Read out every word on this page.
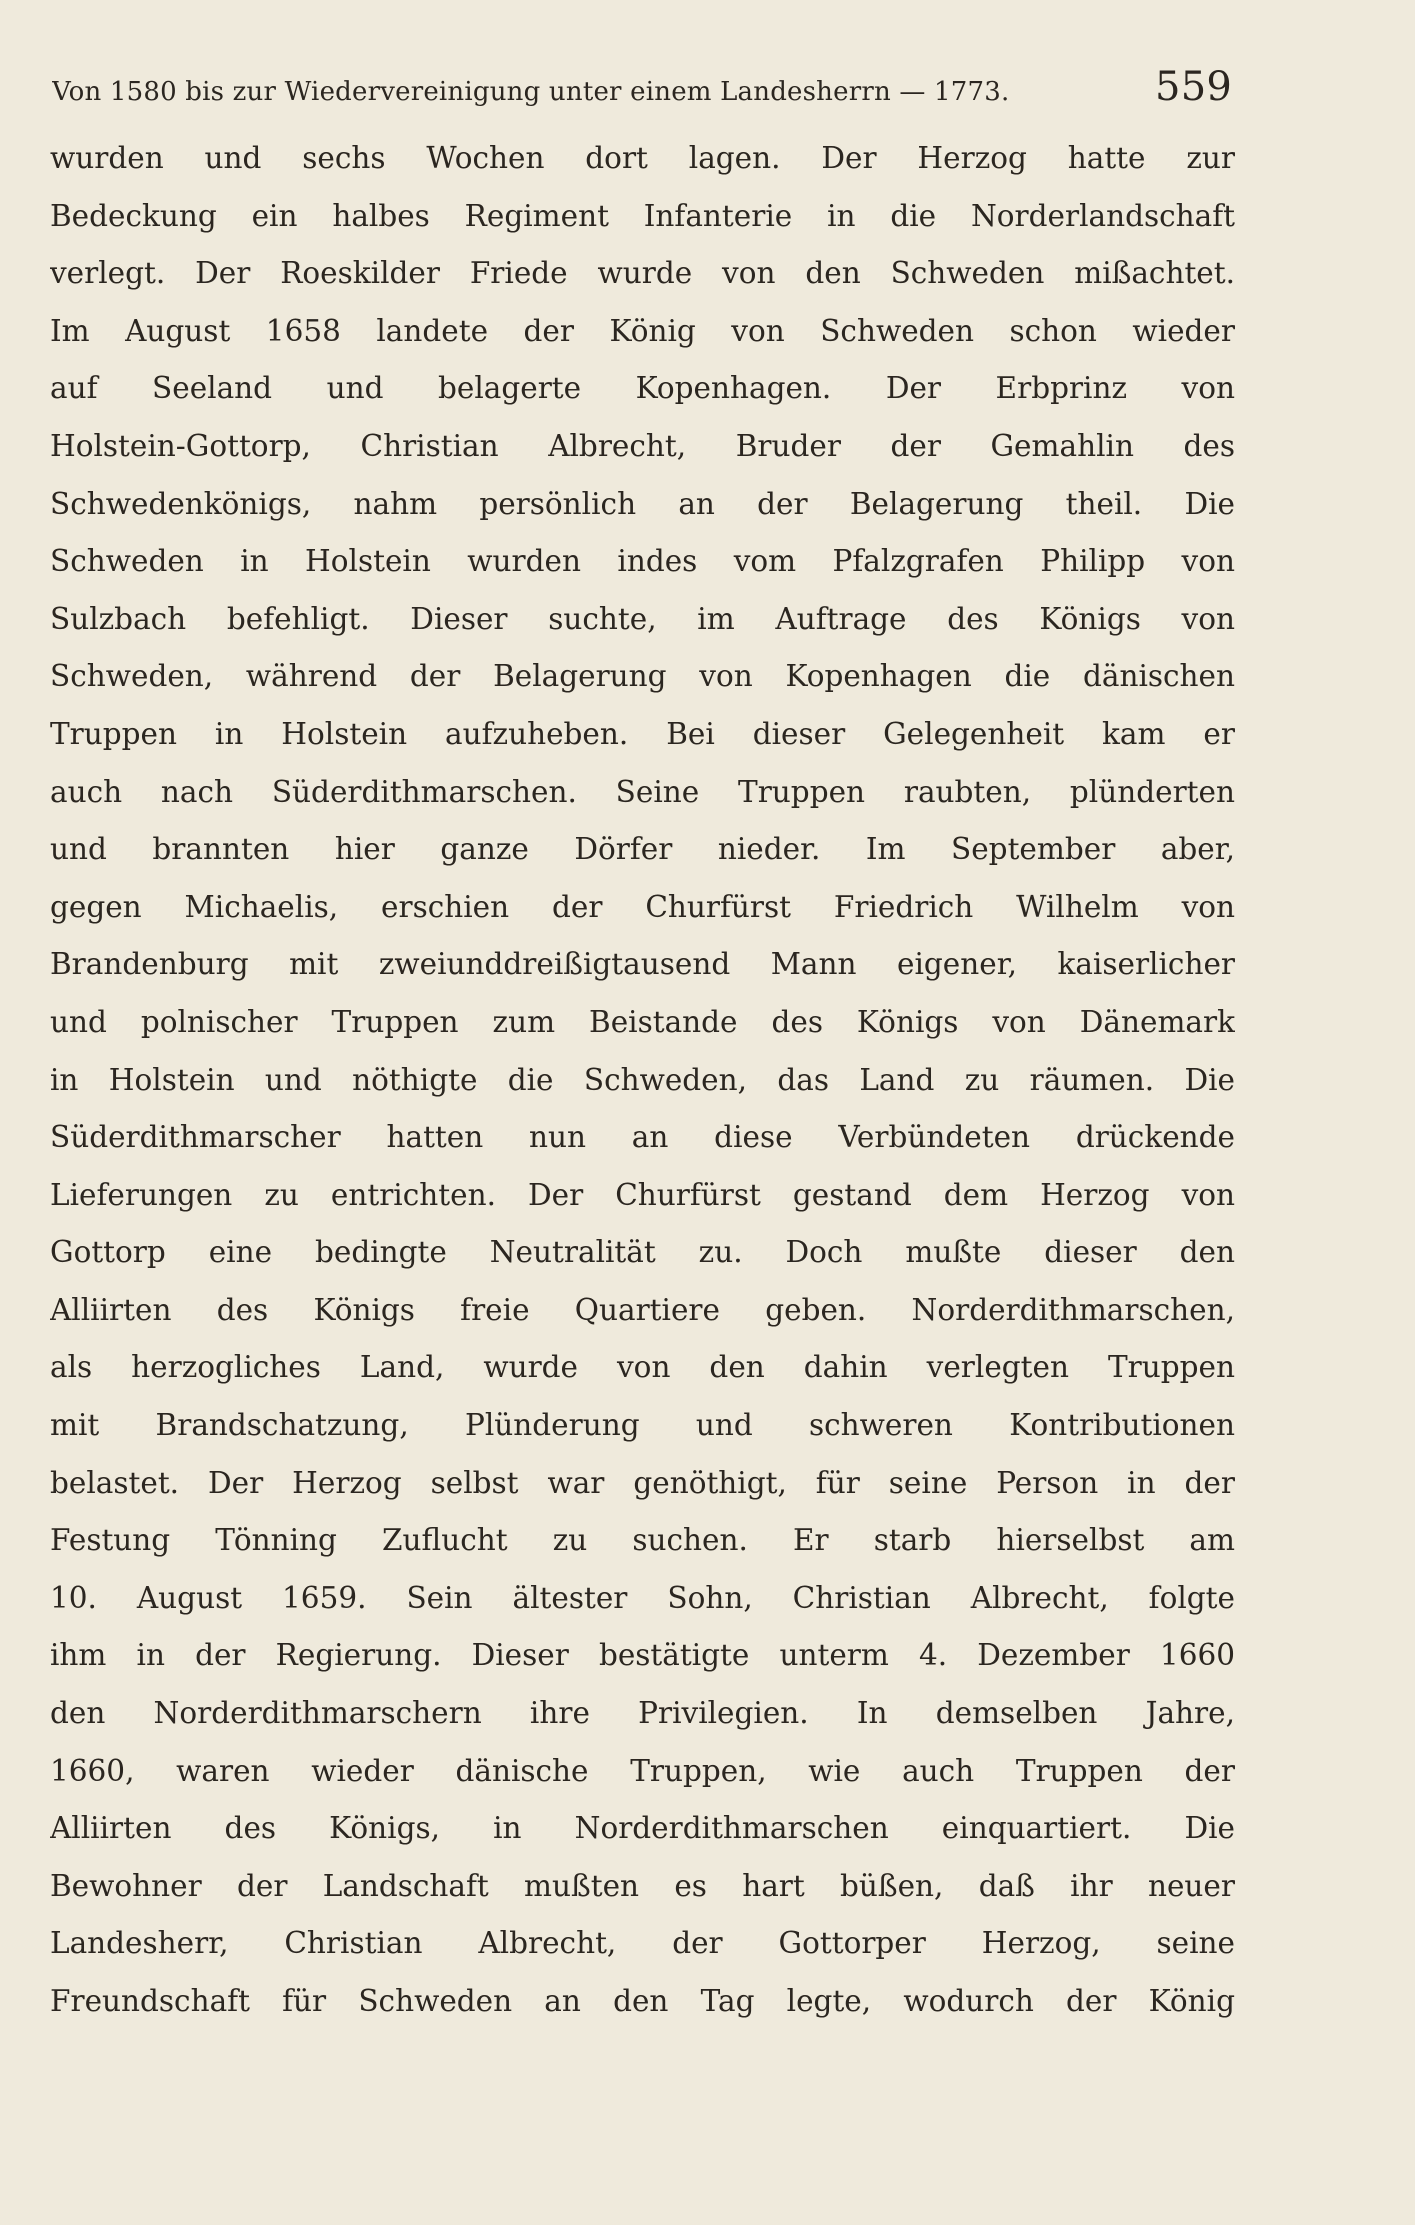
Von 1580 bis zur Wiedervereinigung unter einem Landesherrn — 1773.	559
wurden und sechs Wochen dort lagen. Der Herzog hatte zur
Bedeckung ein halbes Regiment Infanterie in die Norderlandschaft
verlegt. Der Roeskilder Friede wurde von den Schweden mißachtet.
Im August 1658 landete der König von Schweden schon wieder
auf Seeland und belagerte Kopenhagen. Der Erbprinz von
Holstein-Gottorp, Christian Albrecht, Bruder der Gemahlin des
Schwedenkönigs, nahm persönlich an der Belagerung theil. Die
Schweden in Holstein wurden indes vom Pfalzgrafen Philipp von
Sulzbach befehligt. Dieser suchte, im Auftrage des Königs von
Schweden, während der Belagerung von Kopenhagen die dänischen
Truppen in Holstein aufzuheben. Bei dieser Gelegenheit kam er
auch nach Süderdithmarschen. Seine Truppen raubten, plünderten
und brannten hier ganze Dörfer nieder. Im September aber,
gegen Michaelis, erschien der Churfürst Friedrich Wilhelm von
Brandenburg mit zweiunddreißigtausend Mann eigener, kaiserlicher
und polnischer Truppen zum Beistande des Königs von Dänemark
in Holstein und nöthigte die Schweden, das Land zu räumen. Die
Süderdithmarscher hatten nun an diese Verbündeten drückende
Lieferungen zu entrichten. Der Churfürst gestand dem Herzog von
Gottorp eine bedingte Neutralität zu. Doch mußte dieser den
Alliirten des Königs freie Quartiere geben. Norderdithmarschen,
als herzogliches Land, wurde von den dahin verlegten Truppen
mit Brandschatzung, Plünderung und schweren Kontributionen
belastet. Der Herzog selbst war genöthigt, für seine Person in der
Festung Tönning Zuflucht zu suchen. Er starb hierselbst am
10. August 1659. Sein ältester Sohn, Christian Albrecht, folgte
ihm in der Regierung. Dieser bestätigte unterm 4. Dezember 1660
den Norderdithmarschern ihre Privilegien. In demselben Jahre,
1660, waren wieder dänische Truppen, wie auch Truppen der
Alliirten des Königs, in Norderdithmarschen einquartiert. Die
Bewohner der Landschaft mußten es hart büßen, daß ihr neuer
Landesherr, Christian Albrecht, der Gottorper Herzog, seine
Freundschaft für Schweden an den Tag legte, wodurch der König
